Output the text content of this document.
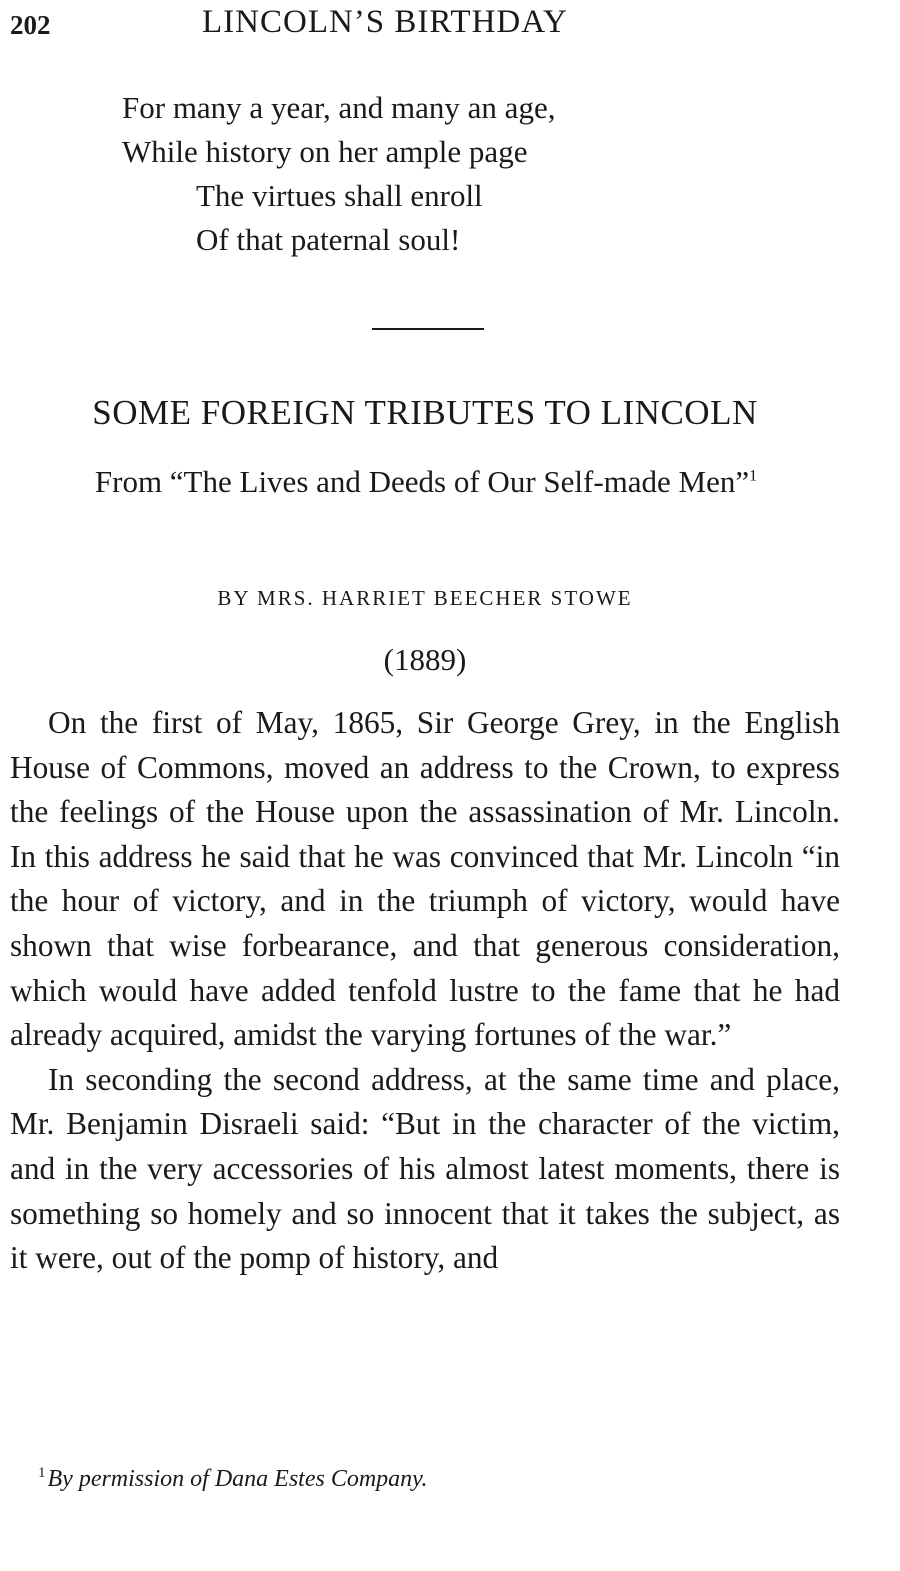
202	LINCOLN’S BIRTHDAY
For many a year, and many an age,
While history on her ample page
The virtues shall enroll
Of that paternal soul!
SOME FOREIGN TRIBUTES TO LINCOLN
From “The Lives and Deeds of Our Self-made Men”$^1$
BY MRS. HARRIET BEECHER STOWE
(1889)

On the first of May, 1865, Sir George Grey, in the English House of Commons, moved an address to the Crown, to express the feelings of the House upon the assassination of Mr. Lincoln. In this address he said that he was convinced that Mr. Lincoln “in the hour of victory, and in the triumph of victory, would have shown that wise forbearance, and that generous consideration, which would have added tenfold lustre to the fame that he had already acquired, amidst the varying fortunes of the war.”

In seconding the second address, at the same time and place, Mr. Benjamin Disraeli said: “But in the character of the victim, and in the very accessories of his almost latest moments, there is something so homely and so innocent that it takes the subject, as it were, out of the pomp of history, and

$^1$By permission of Dana Estes Company.
